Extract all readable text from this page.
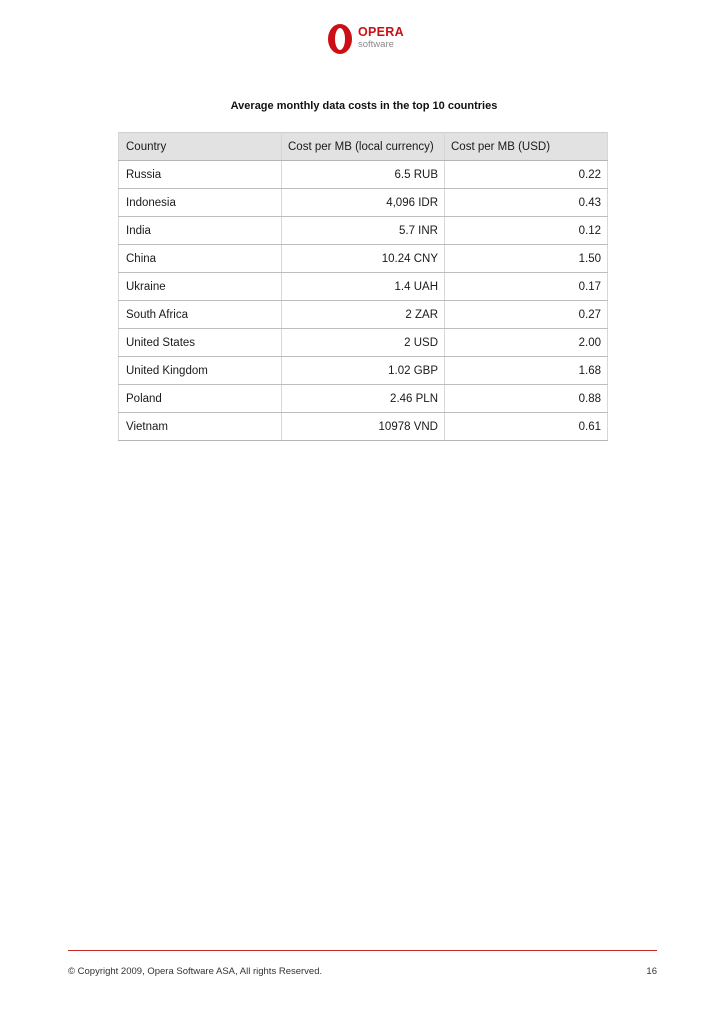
OPERA
software
Average monthly data costs in the top 10 countries
Country	Cost per MB (local currency)	Cost per MB (USD)
Russia	6.5 RUB	0.22
Indonesia	4,096 IDR	0.43
India	5.7 INR	0.12
China	10.24 CNY	1.50
Ukraine	1.4 UAH	0.17
South Africa	2 ZAR	0.27
United States	2 USD	2.00
United Kingdom	1.02 GBP	1.68
Poland	2.46 PLN	0.88
Vietnam	10978 VND	0.61
© Copyright 2009, Opera Software ASA, All rights Reserved.	16
